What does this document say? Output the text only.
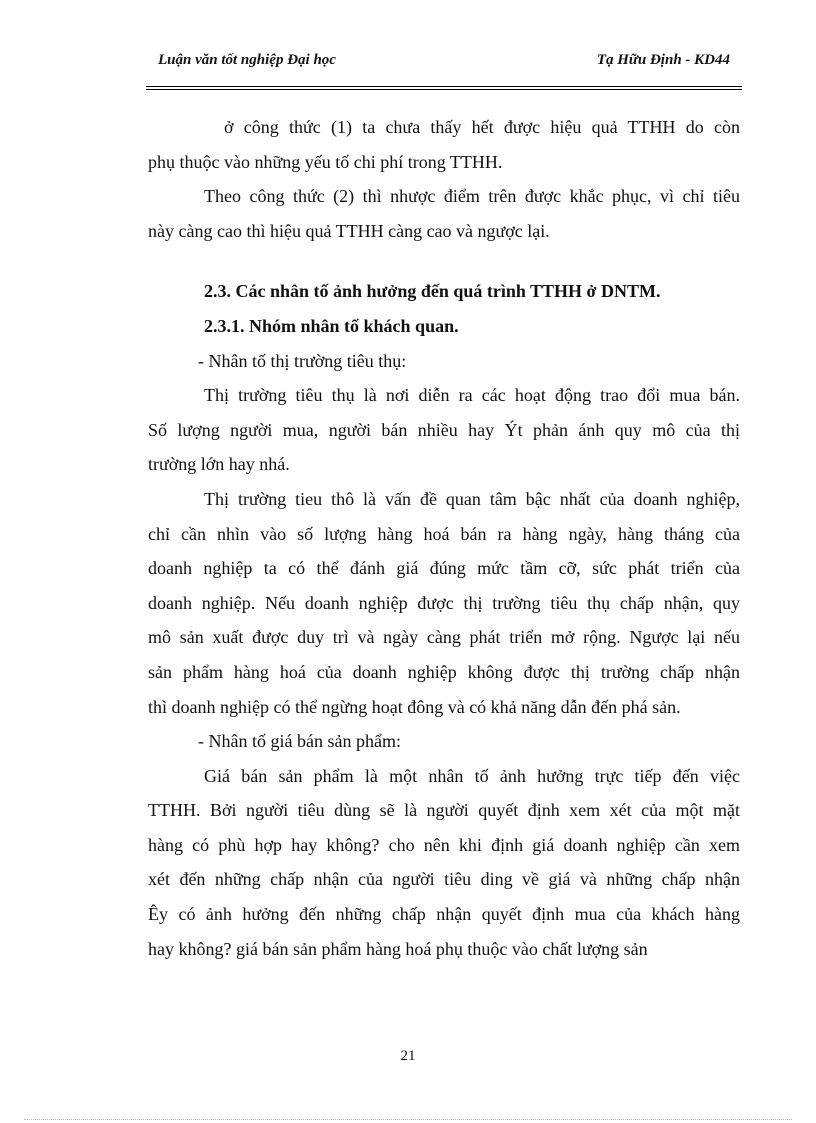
Luận văn tốt nghiệp Đại học	Tạ Hữu Định - KD44
ở công thức (1) ta chưa thấy hết được hiệu quả TTHH do còn
phụ thuộc vào những yếu tố chi phí trong TTHH.
Theo công thức (2) thì nhược điểm trên được khắc phục, vì chỉ tiêu
này càng cao thì hiệu quả TTHH càng cao và ngược lại.
2.3. Các nhân tố ảnh hưởng đến quá trình TTHH ở DNTM.
2.3.1. Nhóm nhân tố khách quan.
- Nhân tố thị trường tiêu thụ:
Thị trường tiêu thụ là nơi diễn ra các hoạt động trao đổi mua bán.
Số lượng người mua, người bán nhiều hay Ýt phản ánh quy mô của thị
trường lớn hay nhá.
Thị trường tieu thô là vấn đề quan tâm bậc nhất của doanh nghiệp,
chỉ cần nhìn vào số lượng hàng hoá bán ra hàng ngày, hàng tháng của
doanh nghiệp ta có thể đánh giá đúng mức tầm cỡ, sức phát triển của
doanh nghiệp. Nếu doanh nghiệp được thị trường tiêu thụ chấp nhận, quy
mô sản xuất được duy trì và ngày càng phát triển mở rộng. Ngược lại nếu
sản phẩm hàng hoá của doanh nghiệp không được thị trường chấp nhận
thì doanh nghiệp có thể ngừng hoạt đông và có khả năng dẫn đến phá sản.
- Nhân tố giá bán sản phẩm:
Giá bán sản phẩm là một nhân tố ảnh hưởng trực tiếp đến việc
TTHH. Bởi người tiêu dùng sẽ là người quyết định xem xét của một mặt
hàng có phù hợp hay không? cho nên khi định giá doanh nghiệp cần xem
xét đến những chấp nhận của người tiêu ding về giá và những chấp nhận
Êy có ảnh hưởng đến những chấp nhận quyết định mua của khách hàng
hay không? giá bán sản phẩm hàng hoá phụ thuộc vào chất lượng sản
21
